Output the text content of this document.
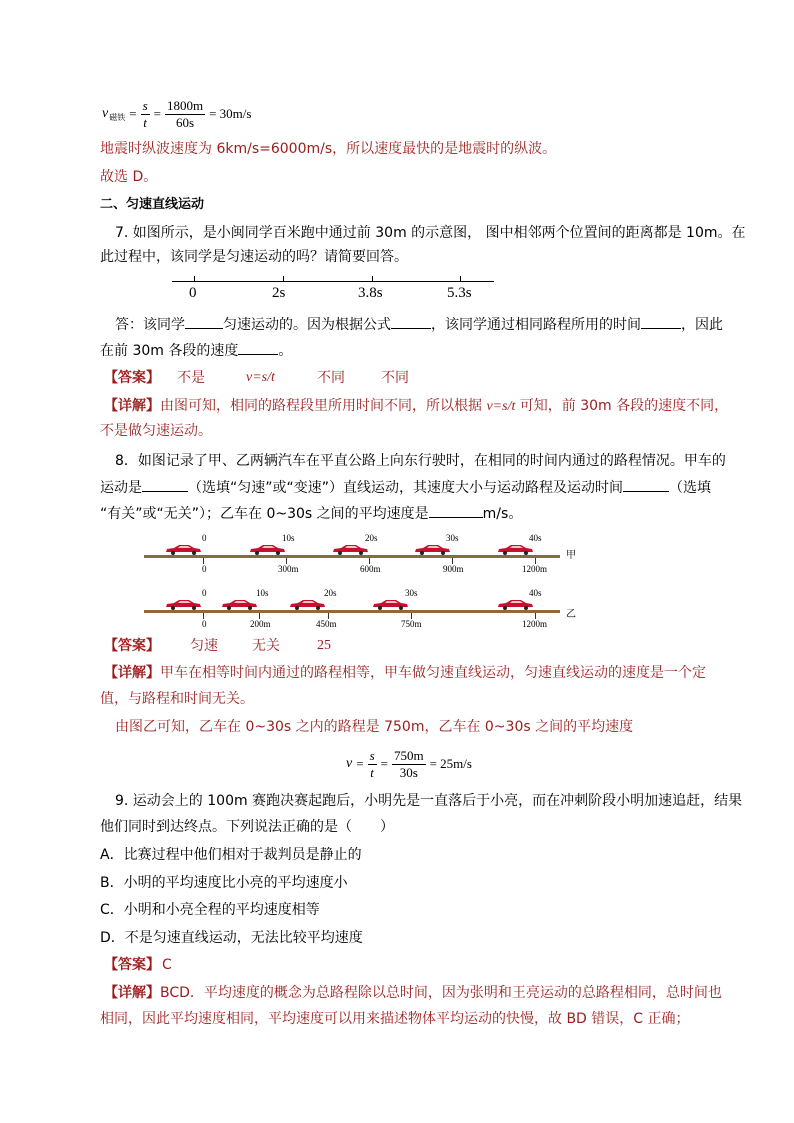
v 磁铁 = $\frac{s}{t} = \frac{1800m}{60s} = 30m/s$
地震时纵波速度为 6km/s=6000m/s，所以速度最快的是地震时的纵波。
故选 D。
二、匀速直线运动
7. 如图所示，是小闽同学百米跑中通过前 30m 的示意图， 图中相邻两个位置间的距离都是 10m。在
此过程中，该同学是匀速运动的吗？请简要回答。
0	2s	3.8s	5.3s
答：该同学	匀速运动的。因为根据公式	，该同学通过相同路程所用的时间	，因此
在前 30m 各段的速度	。
【答案】 不是	v=s/t	不同	不同
【详解】由图可知，相同的路程段里所用时间不同，所以根据 v=s/t 可知，前 30m 各段的速度不同，
不是做匀速运动。
8．如图记录了甲、乙两辆汽车在平直公路上向东行驶时，在相同的时间内通过的路程情况。甲车的
运动是	（选填“匀速”或“变速”）直线运动，其速度大小与运动路程及运动时间	（选填
“有关”或“无关”）；乙车在 0~30s 之间的平均速度是	m/s。
0	10s	20s	30s	40s
甲
0	300m	600m	900m	1200m
0	10s	20s	30s	40s
乙
0	200m	450m	750m	1200m
【答案】 匀速 无关	25
【详解】甲车在相等时间内通过的路程相等，甲车做匀速直线运动，匀速直线运动的速度是一个定
值，与路程和时间无关。
由图乙可知，乙车在 0~30s 之内的路程是 750m，乙车在 0~30s 之间的平均速度
$v = \frac{s}{t} = \frac{750m}{30s} = 25m/s$
9. 运动会上的 100m 赛跑决赛起跑后，小明先是一直落后于小亮，而在冲刺阶段小明加速追赶，结果
他们同时到达终点。下列说法正确的是（　　）
A．比赛过程中他们相对于裁判员是静止的
B．小明的平均速度比小亮的平均速度小
C．小明和小亮全程的平均速度相等
D．不是匀速直线运动，无法比较平均速度
【答案】 C
【详解】BCD．平均速度的概念为总路程除以总时间，因为张明和王亮运动的总路程相同，总时间也
相同，因此平均速度相同，平均速度可以用来描述物体平均运动的快慢，故 BD 错误，C 正确；
